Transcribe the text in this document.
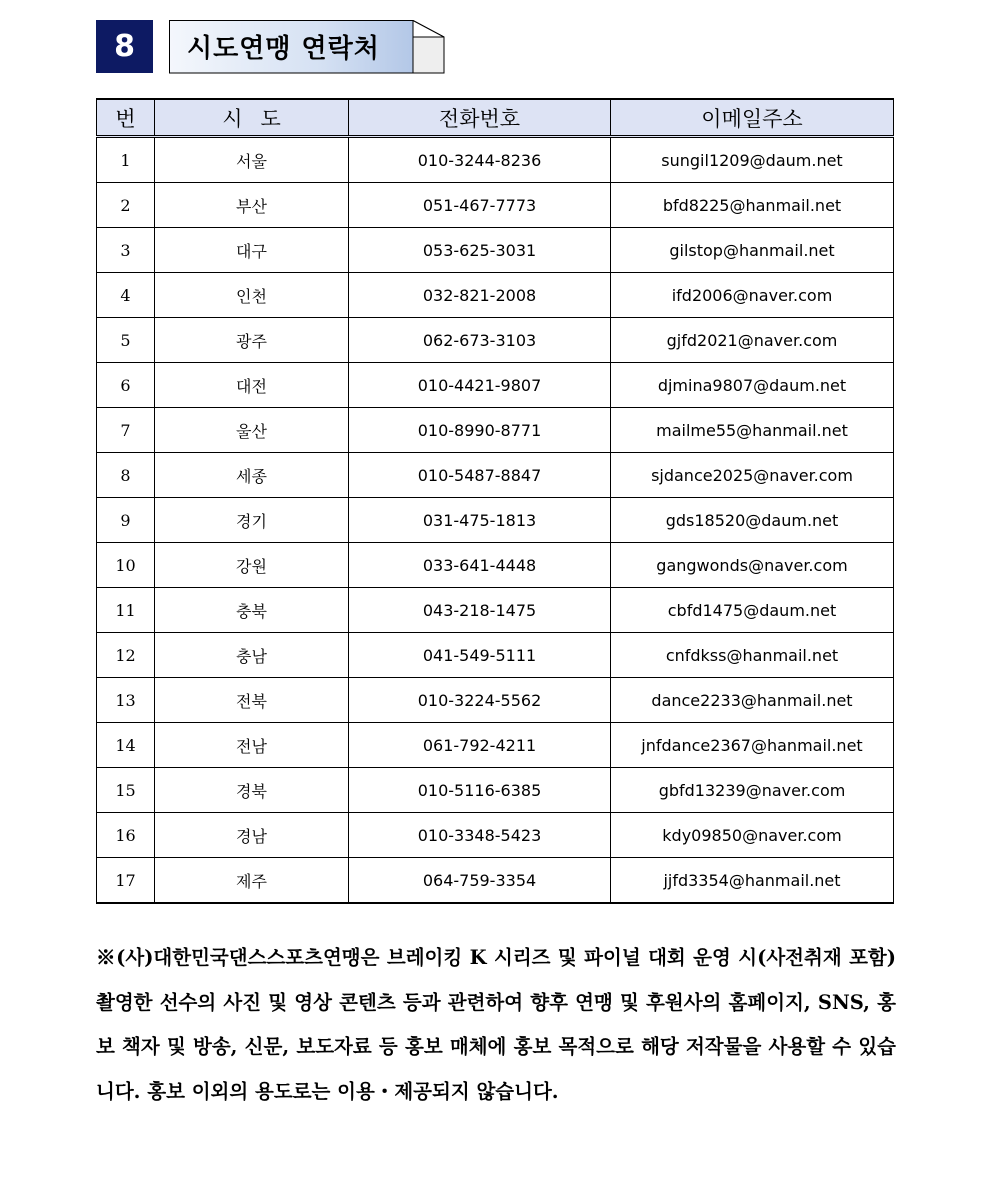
8	시도연맹 연락처
번	시도	전화번호	이메일주소
1	서울	010-3244-8236	sungil1209@daum.net
2	부산	051-467-7773	bfd8225@hanmail.net
3	대구	053-625-3031	gilstop@hanmail.net
4	인천	032-821-2008	ifd2006@naver.com
5	광주	062-673-3103	gjfd2021@naver.com
6	대전	010-4421-9807	djmina9807@daum.net
7	울산	010-8990-8771	mailme55@hanmail.net
8	세종	010-5487-8847	sjdance2025@naver.com
9	경기	031-475-1813	gds18520@daum.net
10	강원	033-641-4448	gangwonds@naver.com
11	충북	043-218-1475	cbfd1475@daum.net
12	충남	041-549-5111	cnfdkss@hanmail.net
13	전북	010-3224-5562	dance2233@hanmail.net
14	전남	061-792-4211	jnfdance2367@hanmail.net
15	경북	010-5116-6385	gbfd13239@naver.com
16	경남	010-3348-5423	kdy09850@naver.com
17	제주	064-759-3354	jjfd3354@hanmail.net

※(사)대한민국댄스스포츠연맹은 브레이킹 K 시리즈 및 파이널 대회 운영 시(사전취재 포함) 촬영한 선수의 사진 및 영상 콘텐츠 등과 관련하여 향후 연맹 및 후원사의 홈페이지, SNS, 홍보 책자 및 방송, 신문, 보도자료 등 홍보 매체에 홍보 목적으로 해당 저작물을 사용할 수 있습니다. 홍보 이외의 용도로는 이용・제공되지 않습니다.
